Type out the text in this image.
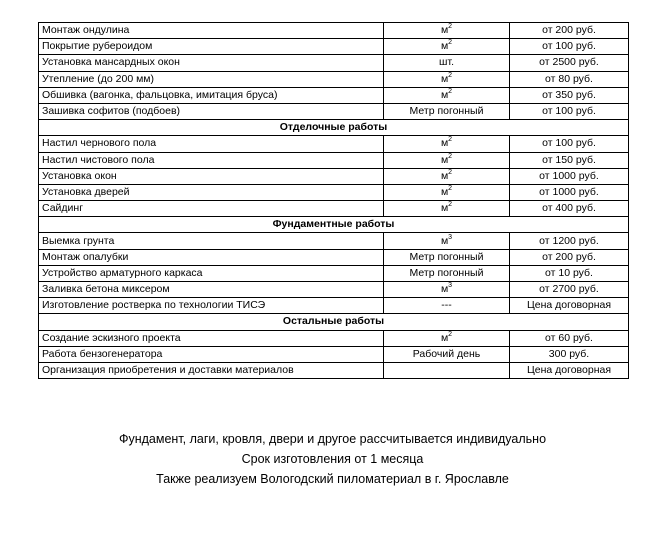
Монтаж ондулина	$м^2$	от 200 руб.
Покрытие рубероидом	$м^2$	от 100 руб.
Установка мансардных окон	шт.	от 2500 руб.
Утепление (до 200 мм)	$м^2$	от 80 руб.
Обшивка (вагонка, фальцовка, имитация бруса)	$м^2$	от 350 руб.
Зашивка софитов (подбоев)	Метр погонный	от 100 руб.
Отделочные работы		
Настил чернового пола	$м^2$	от 100 руб.
Настил чистового пола	$м^2$	от 150 руб.
Установка окон	$м^2$	от 1000 руб.
Установка дверей	$м^2$	от 1000 руб.
Сайдинг	$м^2$	от 400 руб.
Фундаментные работы		
Выемка грунта	$м^3$	от 1200 руб.
Монтаж опалубки	Метр погонный	от 200 руб.
Устройство арматурного каркаса	Метр погонный	от 10 руб.
Заливка бетона миксером	$м^3$	от 2700 руб.
Изготовление ростверка по технологии ТИСЭ	---	Цена договорная
Остальные работы		
Создание эскизного проекта	$м^2$	от 60 руб.
Работа бензогенератора	Рабочий день	300 руб.
Организация приобретения и доставки материалов		Цена договорная
Фундамент, лаги, кровля, двери и другое рассчитывается индивидуально
Срок изготовления от 1 месяца
Также реализуем Вологодский пиломатериал в г. Ярославле
